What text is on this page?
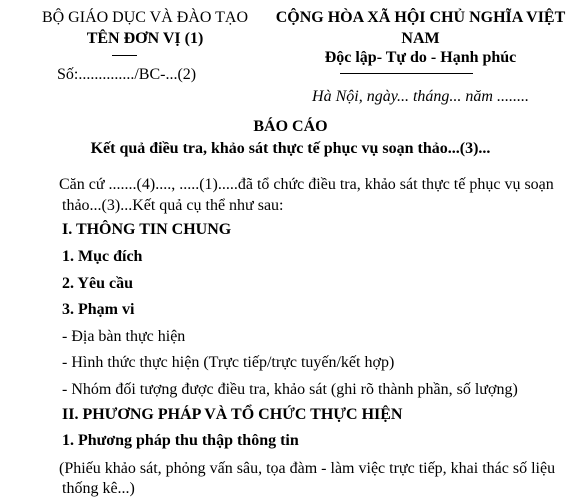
BỘ GIÁO DỤC VÀ ĐÀO TẠO
TÊN ĐƠN VỊ (1)
Số:............../BC-...(2)
CỘNG HÒA XÃ HỘI CHỦ NGHĨA VIỆT
NAM
Độc lập- Tự do - Hạnh phúc
Hà Nội, ngày... tháng... năm ........
BÁO CÁO
Kết quả điều tra, khảo sát thực tế phục vụ soạn thảo...(3)...
Căn cứ .......(4)...., .....(1).....đã tổ chức điều tra, khảo sát thực tế phục vụ soạn
thảo...(3)...Kết quả cụ thể như sau:
I. THÔNG TIN CHUNG
1. Mục đích
2. Yêu cầu
3. Phạm vi
- Địa bàn thực hiện
- Hình thức thực hiện (Trực tiếp/trực tuyến/kết hợp)
- Nhóm đối tượng được điều tra, khảo sát (ghi rõ thành phần, số lượng)
II. PHƯƠNG PHÁP VÀ TỔ CHỨC THỰC HIỆN
1. Phương pháp thu thập thông tin
(Phiếu khảo sát, phỏng vấn sâu, tọa đàm - làm việc trực tiếp, khai thác số liệu
thống kê...)
